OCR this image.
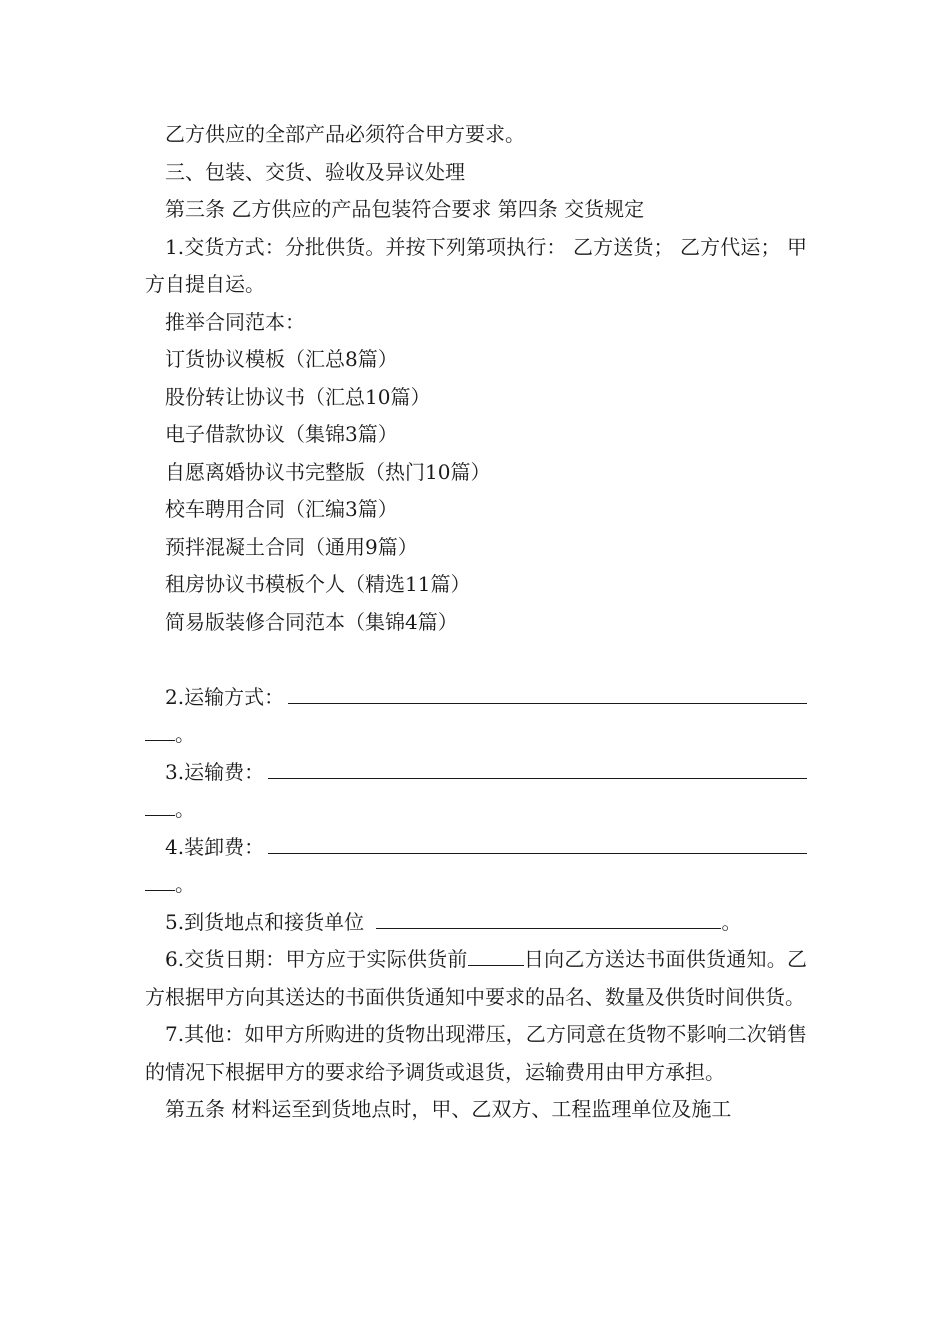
乙方供应的全部产品必须符合甲方要求。

三、包装、交货、验收及异议处理

第三条 乙方供应的产品包装符合要求 第四条 交货规定

1.交货方式：分批供货。并按下列第项执行： 乙方送货； 乙方代运； 甲方自提自运。

推举合同范本：

订货协议模板（汇总8篇）

股份转让协议书（汇总10篇）

电子借款协议（集锦3篇）

自愿离婚协议书完整版（热门10篇）

校车聘用合同（汇编3篇）

预拌混凝土合同（通用9篇）

租房协议书模板个人（精选11篇）

简易版装修合同范本（集锦4篇）

2.运输方式：
。
3.运输费：
。
4.装卸费：
。
5.到货地点和接货单位	。

6.交货日期：甲方应于实际供货前	日向乙方送达书面供货通知。乙方根据甲方向其送达的书面供货通知中要求的品名、数量及供货时间供货。

7.其他：如甲方所购进的货物出现滞压，乙方同意在货物不影响二次销售的情况下根据甲方的要求给予调货或退货，运输费用由甲方承担。

第五条 材料运至到货地点时，甲、乙双方、工程监理单位及施工
